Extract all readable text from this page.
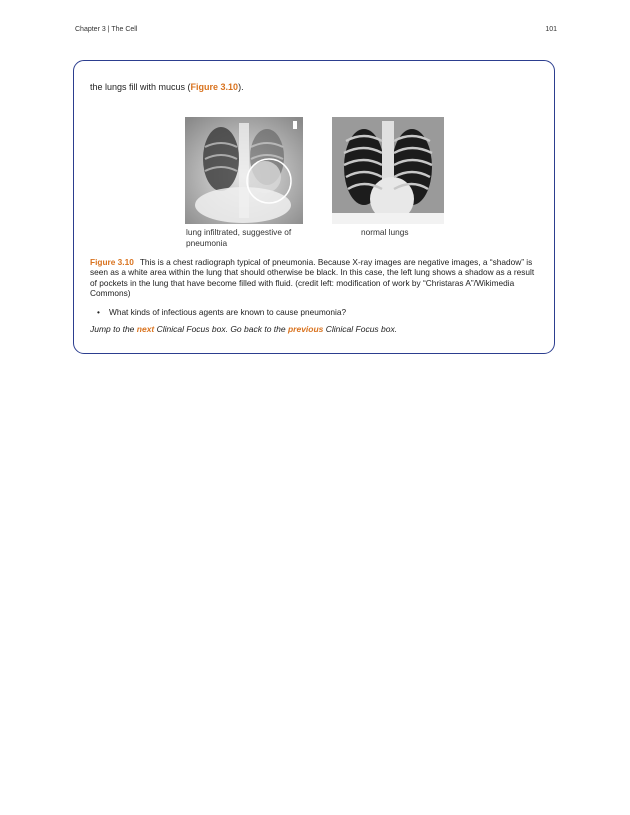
Chapter 3 | The Cell	101
the lungs fill with mucus (Figure 3.10).
lung infiltrated, suggestive of pneumonia
normal lungs
Figure 3.10 This is a chest radiograph typical of pneumonia. Because X-ray images are negative images, a “shadow” is seen as a white area within the lung that should otherwise be black. In this case, the left lung shows a shadow as a result of pockets in the lung that have become filled with fluid. (credit left: modification of work by “Christaras A”/Wikimedia Commons)
• What kinds of infectious agents are known to cause pneumonia?
Jump to the next Clinical Focus box. Go back to the previous Clinical Focus box.
